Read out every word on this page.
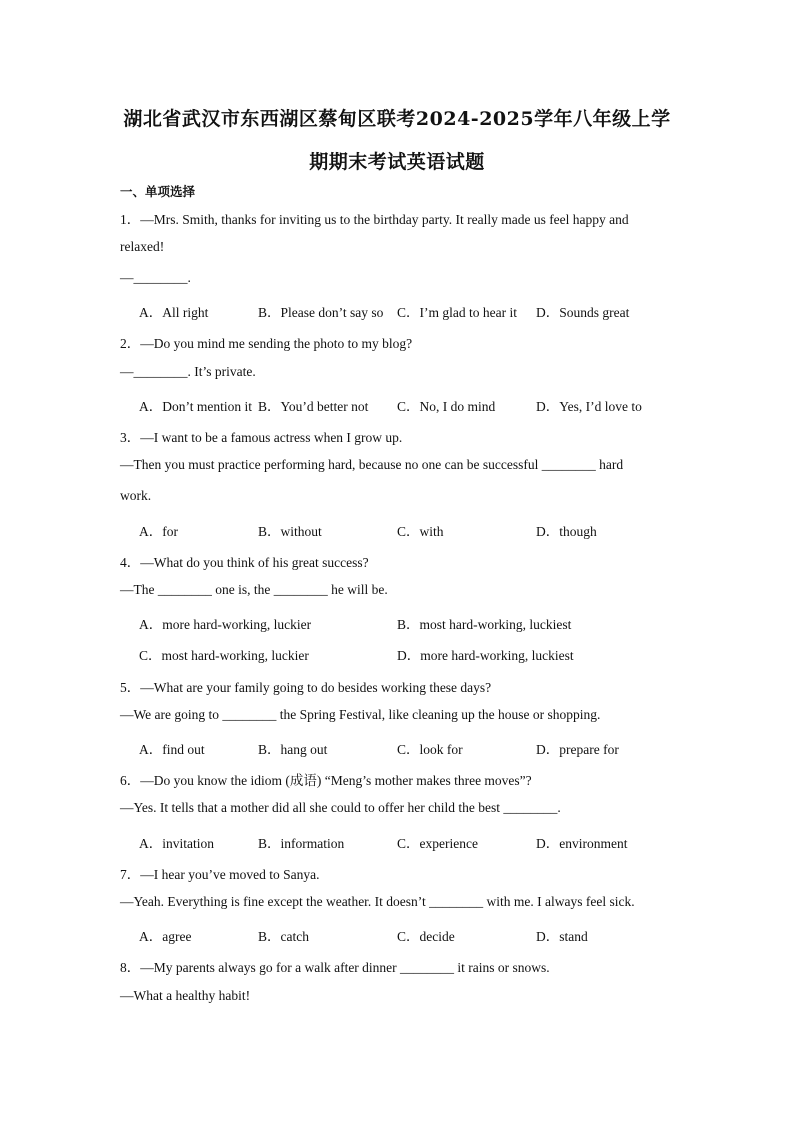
湖北省武汉市东西湖区蔡甸区联考2024-2025学年八年级上学
期期末考试英语试题
一、单项选择
1．—Mrs. Smith, thanks for inviting us to the birthday party. It really made us feel happy and
relaxed!
—________.
A．All right	B．Please don’t say so C．I’m glad to hear it D．Sounds great
2．—Do you mind me sending the photo to my blog?
—________. It’s private.
A．Don’t mention it B．You’d better not C．No, I do mind	D．Yes, I’d love to
3．—I want to be a famous actress when I grow up.
—Then you must practice performing hard, because no one can be successful ________ hard
work.
A．for	B．without	C．with	D．though
4．—What do you think of his great success?
—The ________ one is, the ________ he will be.
A．more hard-working, luckier	B．most hard-working, luckiest
C．most hard-working, luckier	D．more hard-working, luckiest
5．—What are your family going to do besides working these days?
—We are going to ________ the Spring Festival, like cleaning up the house or shopping.
A．find out	B．hang out	C．look for	D．prepare for
6．—Do you know the idiom (成语) “Meng’s mother makes three moves”?
—Yes. It tells that a mother did all she could to offer her child the best ________.
A．invitation	B．information	C．experience	D．environment
7．—I hear you’ve moved to Sanya.
—Yeah. Everything is fine except the weather. It doesn’t ________ with me. I always feel sick.
A．agree	B．catch	C．decide	D．stand
8．—My parents always go for a walk after dinner ________ it rains or snows.
—What a healthy habit!
